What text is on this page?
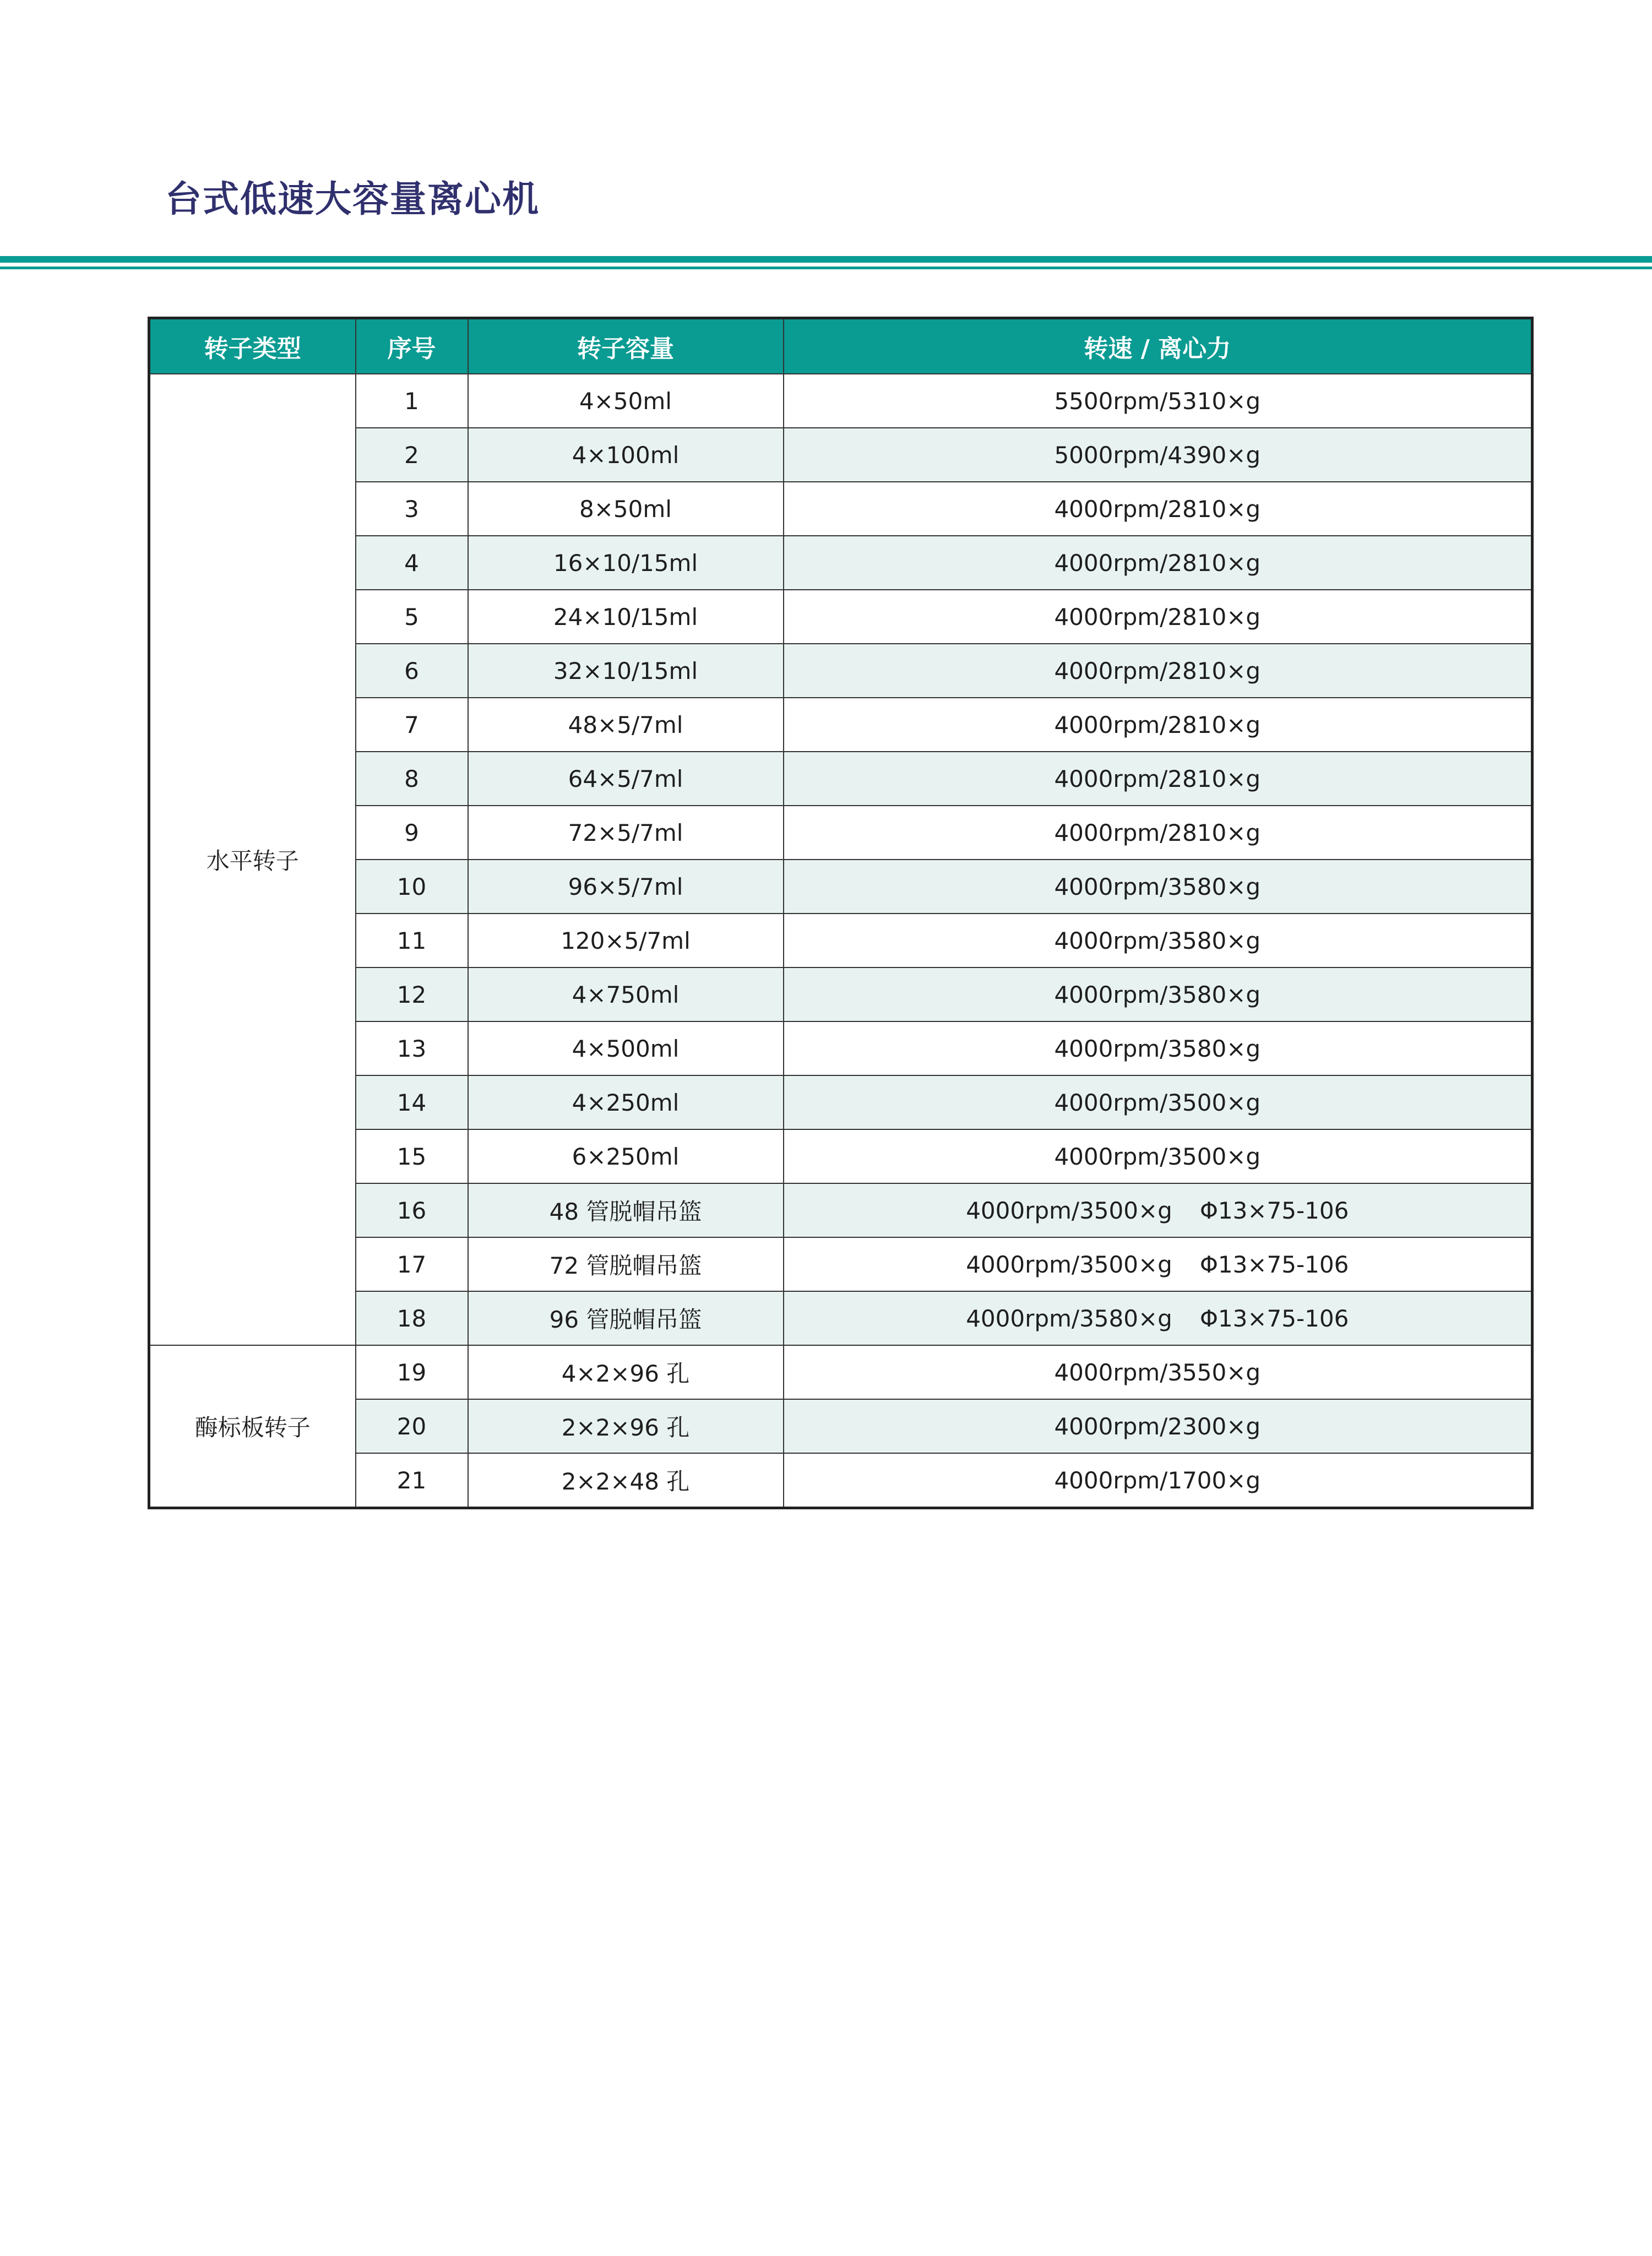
台式低速大容量离心机
转子类型	序号	转子容量	转速 / 离心力
水平转子	1	4×50ml	5500rpm/5310×g
	2	4×100ml	5000rpm/4390×g
	3	8×50ml	4000rpm/2810×g
	4	16×10/15ml	4000rpm/2810×g
	5	24×10/15ml	4000rpm/2810×g
	6	32×10/15ml	4000rpm/2810×g
	7	48×5/7ml	4000rpm/2810×g
	8	64×5/7ml	4000rpm/2810×g
	9	72×5/7ml	4000rpm/2810×g
	10	96×5/7ml	4000rpm/3580×g
	11	120×5/7ml	4000rpm/3580×g
	12	4×750ml	4000rpm/3580×g
	13	4×500ml	4000rpm/3580×g
	14	4×250ml	4000rpm/3500×g
	15	6×250ml	4000rpm/3500×g
	16	48 管脱帽吊篮	4000rpm/3500×g Φ13×75-106
	17	72 管脱帽吊篮	4000rpm/3500×g Φ13×75-106
	18	96 管脱帽吊篮	4000rpm/3580×g Φ13×75-106
酶标板转子	19	4×2×96 孔	4000rpm/3550×g
	20	2×2×96 孔	4000rpm/2300×g
	21	2×2×48 孔	4000rpm/1700×g
